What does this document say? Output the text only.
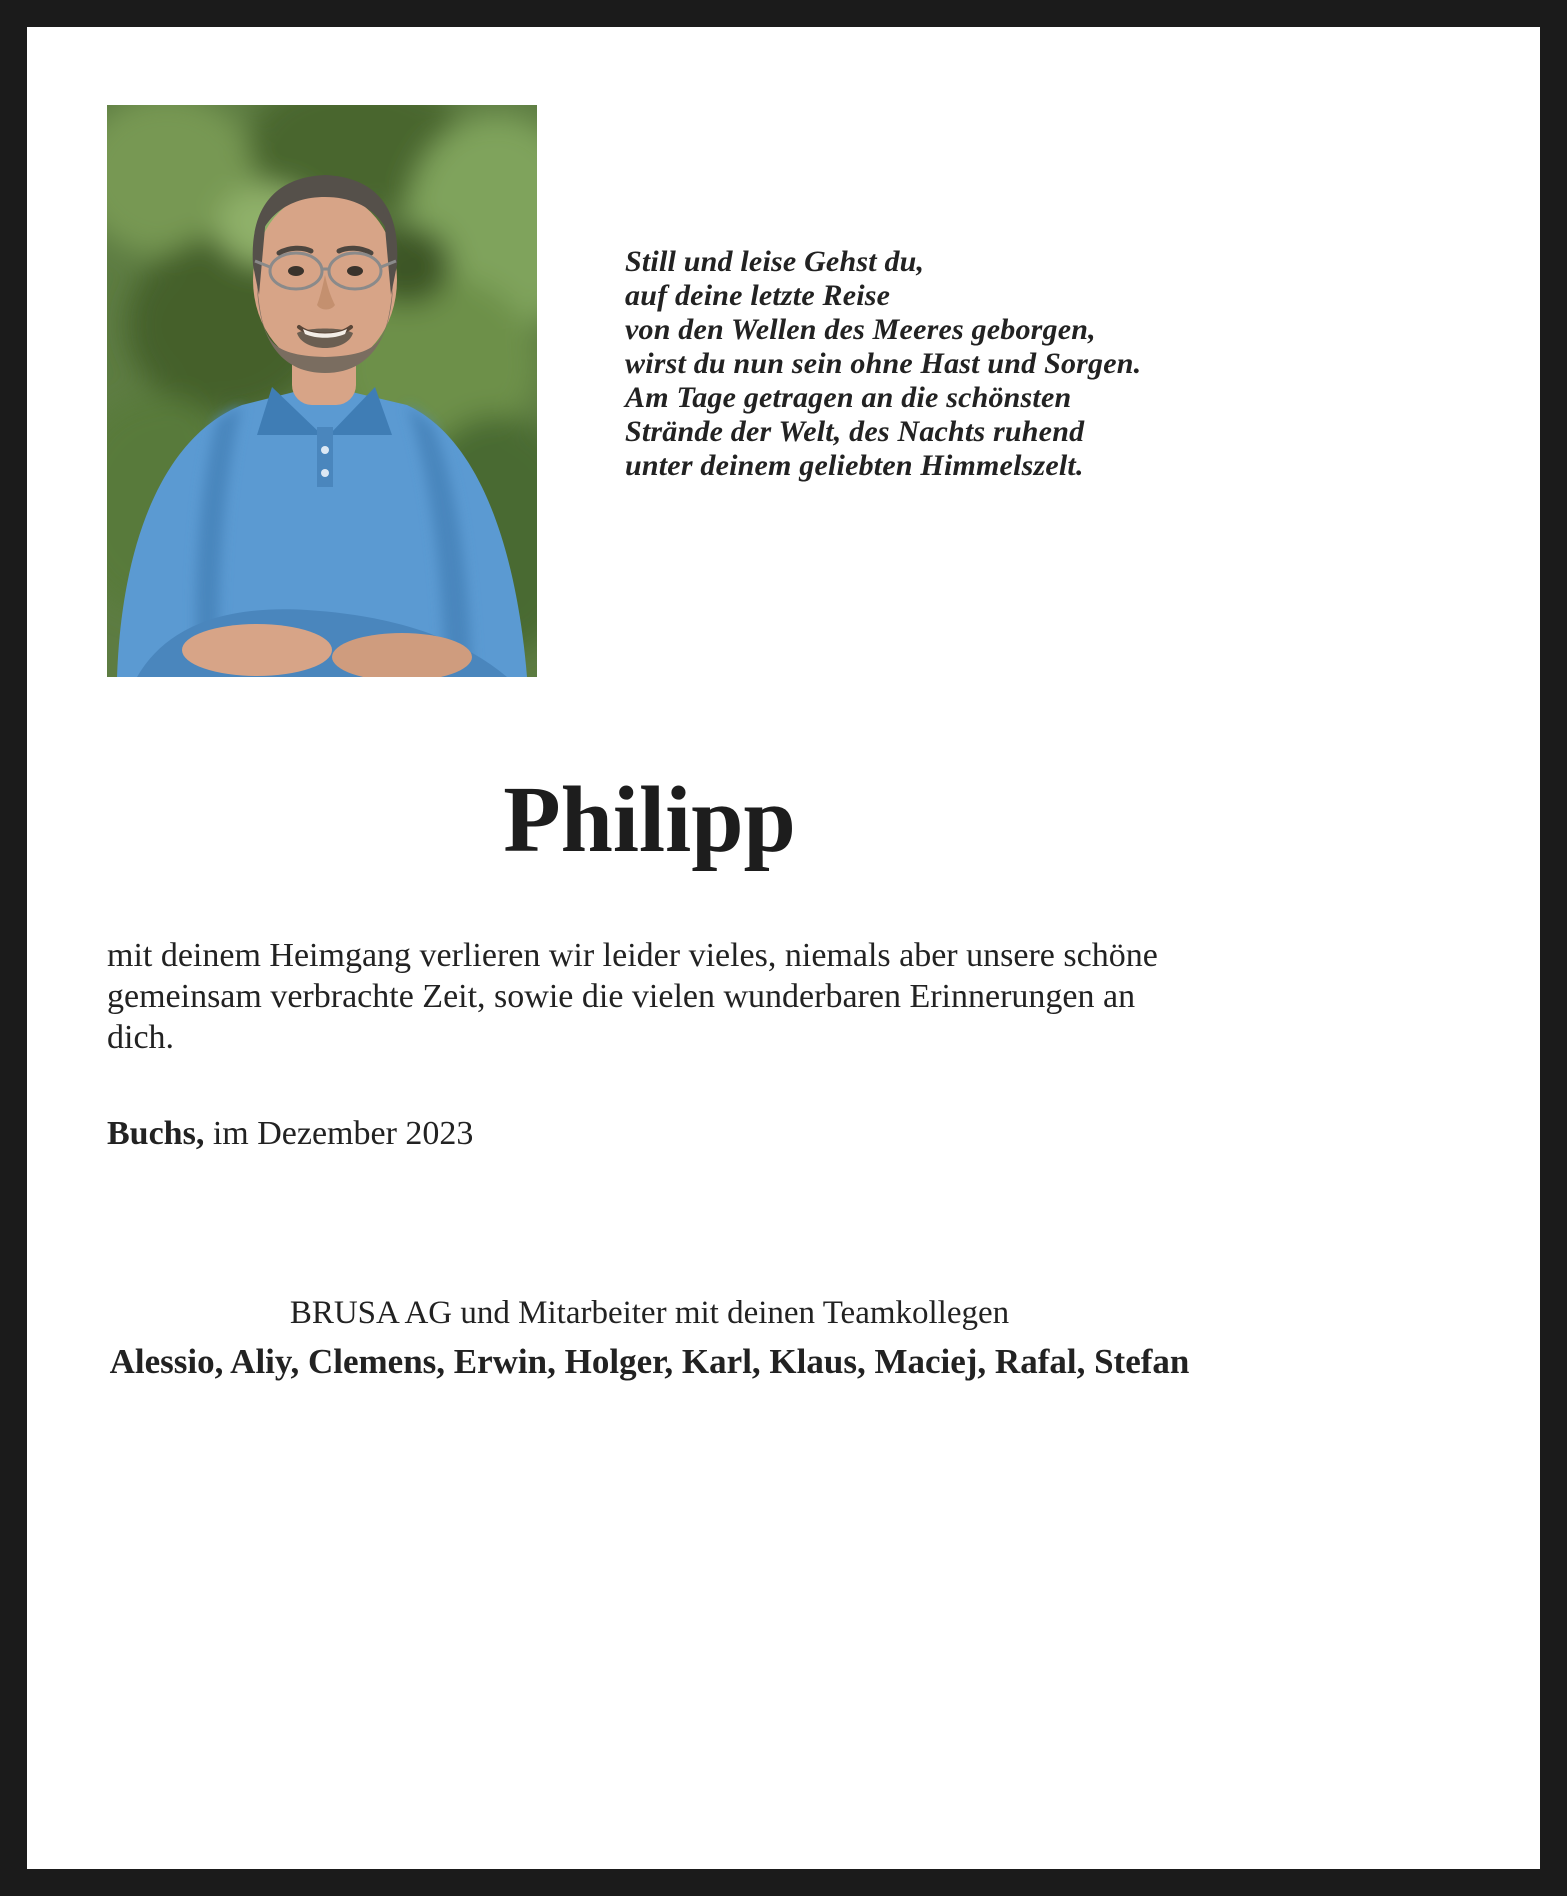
Still und leise Gehst du,
auf deine letzte Reise
von den Wellen des Meeres geborgen,
wirst du nun sein ohne Hast und Sorgen.
Am Tage getragen an die schönsten
Strände der Welt, des Nachts ruhend
unter deinem geliebten Himmelszelt.
Philipp

mit deinem Heimgang verlieren wir leider vieles, niemals aber unsere schöne gemeinsam verbrachte Zeit, sowie die vielen wunderbaren Erinnerungen an dich.

Buchs, im Dezember 2023

BRUSA AG und Mitarbeiter mit deinen Teamkollegen

Alessio, Aliy, Clemens, Erwin, Holger, Karl, Klaus, Maciej, Rafal, Stefan
